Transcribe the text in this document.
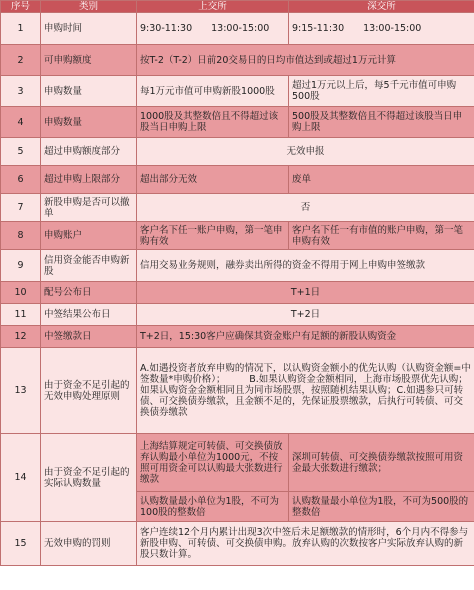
序号	类别	上交所	深交所
1	申购时间	9:30-11:30　　13:00-15:00	9:15-11:30　　13:00-15:00
2	可申购额度	按T-2（T-2）日前20交易日的日均市值达到或超过1万元计算	
3	申购数量	每1万元市值可申购新股1000股	超过1万元以上后，每5千元市值可申购500股
4	申购数量	1000股及其整数倍且不得超过该股当日申购上限	500股及其整数倍且不得超过该股当日申购上限
5	超过申购额度部分	无效申报	
6	超过申购上限部分	超出部分无效	废单
7	新股申购是否可以撤单	否	
8	申购账户	客户名下任一账户申购，第一笔申购有效	客户名下任一有市值的账户申购，第一笔申购有效
9	信用资金能否申购新股	信用交易业务规则，融券卖出所得的资金不得用于网上申购申签缴款	
10	配号公布日	T+1日	
11	中签结果公布日	T+2日	
12	中签缴款日	T+2日，15:30客户应确保其资金账户有足额的新股认购资金	
13	由于资金不足引起的无效申购处理原则	A.如遇投资者放弃申购的情况下，以认购资金额小的优先认购（认购资金额=中签数量*申购价格）；　　　B.如果认购资金金额相同，上海市场股票优先认购；如果认购资金金额相同且为同市场股票，按照随机结果认购；C.如遇参只可转债、可交换债券缴款，且金额不足的，先保证股票缴款，后执行可转债、可交换债券缴款	
14	由于资金不足引起的实际认购数量	上海结算规定可转债、可交换债放弃认购最小单位为1000元，不按照可用资金可以认购最大张数进行缴款	深圳可转债、可交换债券缴款按照可用资金最大张数进行缴款；
		认购数量最小单位为1股，不可为100股的整数倍	认购数量最小单位为1股，不可为500股的整数倍
15	无效申购的罚则	客户连续12个月内累计出现3次中签后未足额缴款的情形时，6个月内不得参与新股申购、可转债、可交换债申购。放弃认购的次数按客户实际放弃认购的新股只数计算。	
